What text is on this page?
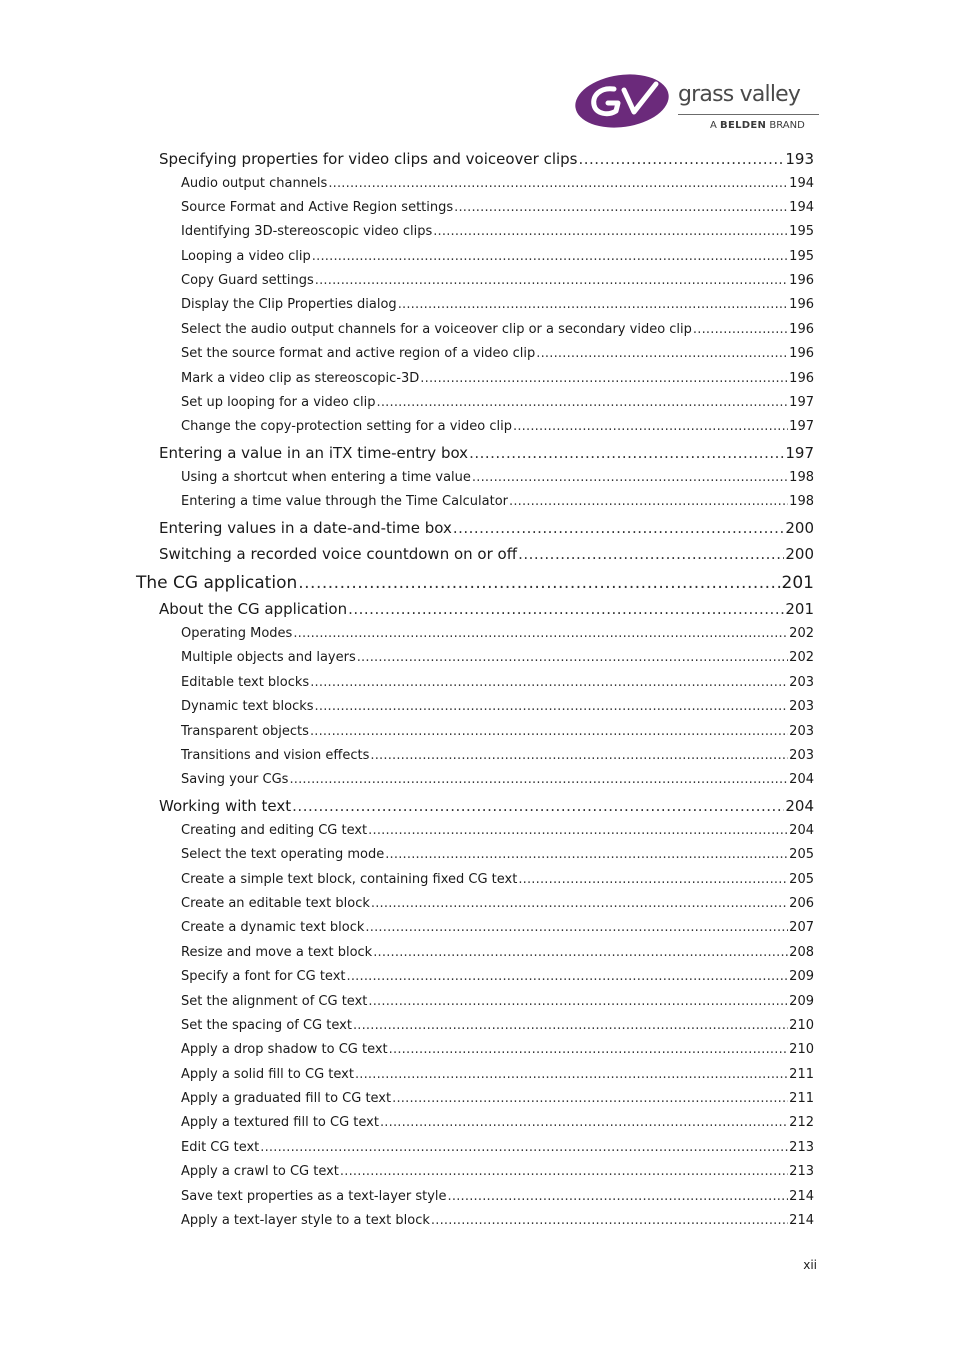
grass valley
A BELDEN BRAND
Specifying properties for video clips and voiceover clips .....	193
Audio output channels .....	194
Source Format and Active Region settings .....	194
Identifying 3D-stereoscopic video clips .....	195
Looping a video clip .....	195
Copy Guard settings .....	196
Display the Clip Properties dialog .....	196
Select the audio output channels for a voiceover clip or a secondary video clip .....	196
Set the source format and active region of a video clip .....	196
Mark a video clip as stereoscopic-3D .....	196
Set up looping for a video clip .....	197
Change the copy-protection setting for a video clip .....	197
Entering a value in an iTX time-entry box .....	197
Using a shortcut when entering a time value .....	198
Entering a time value through the Time Calculator .....	198
Entering values in a date-and-time box .....	200
Switching a recorded voice countdown on or off .....	200
The CG application .....	201
About the CG application .....	201
Operating Modes .....	202
Multiple objects and layers .....	202
Editable text blocks .....	203
Dynamic text blocks .....	203
Transparent objects .....	203
Transitions and vision effects .....	203
Saving your CGs .....	204
Working with text .....	204
Creating and editing CG text .....	204
Select the text operating mode .....	205
Create a simple text block, containing fixed CG text .....	205
Create an editable text block .....	206
Create a dynamic text block .....	207
Resize and move a text block .....	208
Specify a font for CG text .....	209
Set the alignment of CG text .....	209
Set the spacing of CG text .....	210
Apply a drop shadow to CG text .....	210
Apply a solid fill to CG text .....	211
Apply a graduated fill to CG text .....	211
Apply a textured fill to CG text .....	212
Edit CG text .....	213
Apply a crawl to CG text .....	213
Save text properties as a text-layer style .....	214
Apply a text-layer style to a text block .....	214
xii
